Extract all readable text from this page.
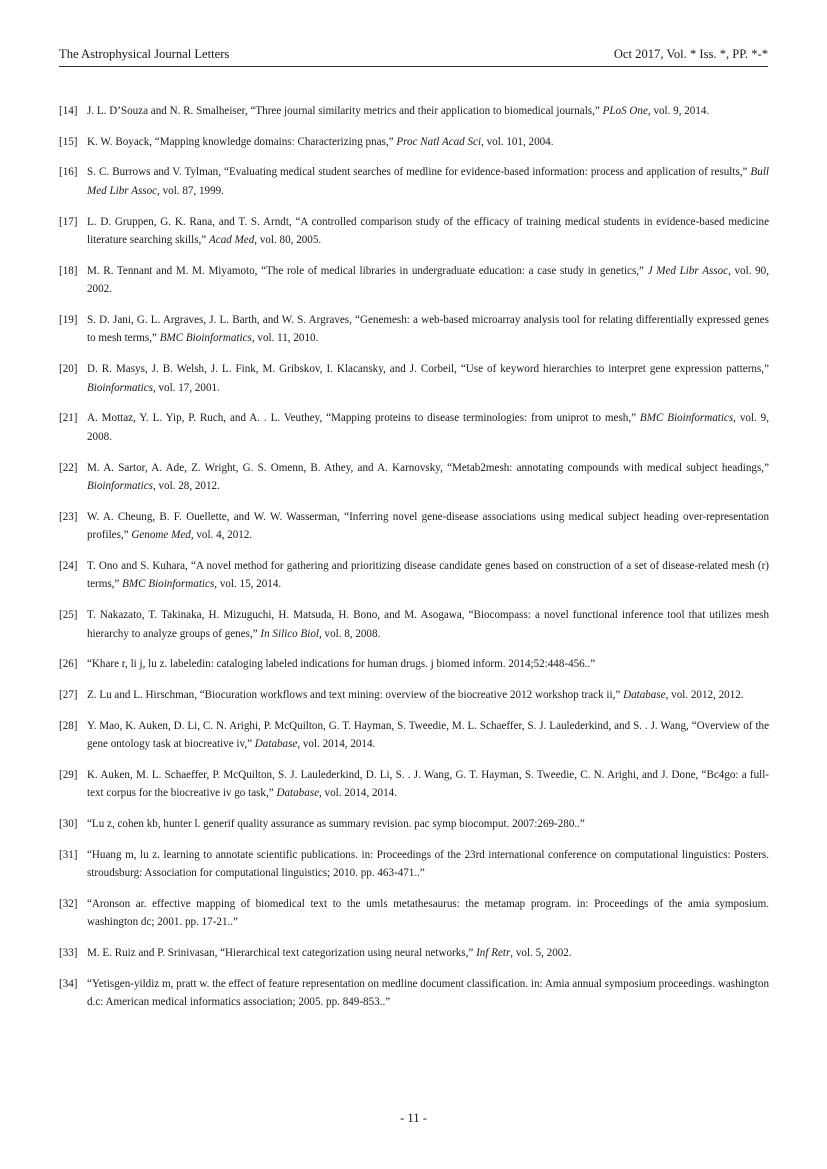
The Astrophysical Journal Letters	Oct 2017, Vol. * Iss. *, PP. *-*
[14] J. L. D’Souza and N. R. Smalheiser, “Three journal similarity metrics and their application to biomedical journals,” PLoS One, vol. 9, 2014.
[15] K. W. Boyack, “Mapping knowledge domains: Characterizing pnas,” Proc Natl Acad Sci, vol. 101, 2004.
[16] S. C. Burrows and V. Tylman, “Evaluating medical student searches of medline for evidence-based information: process and application of results,” Bull Med Libr Assoc, vol. 87, 1999.
[17] L. D. Gruppen, G. K. Rana, and T. S. Arndt, “A controlled comparison study of the efficacy of training medical students in evidence-based medicine literature searching skills,” Acad Med, vol. 80, 2005.
[18] M. R. Tennant and M. M. Miyamoto, “The role of medical libraries in undergraduate education: a case study in genetics,” J Med Libr Assoc, vol. 90, 2002.
[19] S. D. Jani, G. L. Argraves, J. L. Barth, and W. S. Argraves, “Genemesh: a web-based microarray analysis tool for relating differentially expressed genes to mesh terms,” BMC Bioinformatics, vol. 11, 2010.
[20] D. R. Masys, J. B. Welsh, J. L. Fink, M. Gribskov, I. Klacansky, and J. Corbeil, “Use of keyword hierarchies to interpret gene expression patterns,” Bioinformatics, vol. 17, 2001.
[21] A. Mottaz, Y. L. Yip, P. Ruch, and A. . L. Veuthey, “Mapping proteins to disease terminologies: from uniprot to mesh,” BMC Bioinformatics, vol. 9, 2008.
[22] M. A. Sartor, A. Ade, Z. Wright, G. S. Omenn, B. Athey, and A. Karnovsky, “Metab2mesh: annotating compounds with medical subject headings,” Bioinformatics, vol. 28, 2012.
[23] W. A. Cheung, B. F. Ouellette, and W. W. Wasserman, “Inferring novel gene-disease associations using medical subject heading over-representation profiles,” Genome Med, vol. 4, 2012.
[24] T. Ono and S. Kuhara, “A novel method for gathering and prioritizing disease candidate genes based on construction of a set of disease-related mesh (r) terms,” BMC Bioinformatics, vol. 15, 2014.
[25] T. Nakazato, T. Takinaka, H. Mizuguchi, H. Matsuda, H. Bono, and M. Asogawa, “Biocompass: a novel functional inference tool that utilizes mesh hierarchy to analyze groups of genes,” In Silico Biol, vol. 8, 2008.
[26] “Khare r, li j, lu z. labeledin: cataloging labeled indications for human drugs. j biomed inform. 2014;52:448-456..”
[27] Z. Lu and L. Hirschman, “Biocuration workflows and text mining: overview of the biocreative 2012 workshop track ii,” Database, vol. 2012, 2012.
[28] Y. Mao, K. Auken, D. Li, C. N. Arighi, P. McQuilton, G. T. Hayman, S. Tweedie, M. L. Schaeffer, S. J. Laulederkind, and S. . J. Wang, “Overview of the gene ontology task at biocreative iv,” Database, vol. 2014, 2014.
[29] K. Auken, M. L. Schaeffer, P. McQuilton, S. J. Laulederkind, D. Li, S. . J. Wang, G. T. Hayman, S. Tweedie, C. N. Arighi, and J. Done, “Bc4go: a full-text corpus for the biocreative iv go task,” Database, vol. 2014, 2014.
[30] “Lu z, cohen kb, hunter l. generif quality assurance as summary revision. pac symp biocomput. 2007:269-280..”
[31] “Huang m, lu z. learning to annotate scientific publications. in: Proceedings of the 23rd international conference on computational linguistics: Posters. stroudsburg: Association for computational linguistics; 2010. pp. 463-471..”
[32] “Aronson ar. effective mapping of biomedical text to the umls metathesaurus: the metamap program. in: Proceedings of the amia symposium. washington dc; 2001. pp. 17-21..”
[33] M. E. Ruiz and P. Srinivasan, “Hierarchical text categorization using neural networks,” Inf Retr, vol. 5, 2002.
[34] “Yetisgen-yildiz m, pratt w. the effect of feature representation on medline document classification. in: Amia annual symposium proceedings. washington d.c: American medical informatics association; 2005. pp. 849-853..”
- 11 -
